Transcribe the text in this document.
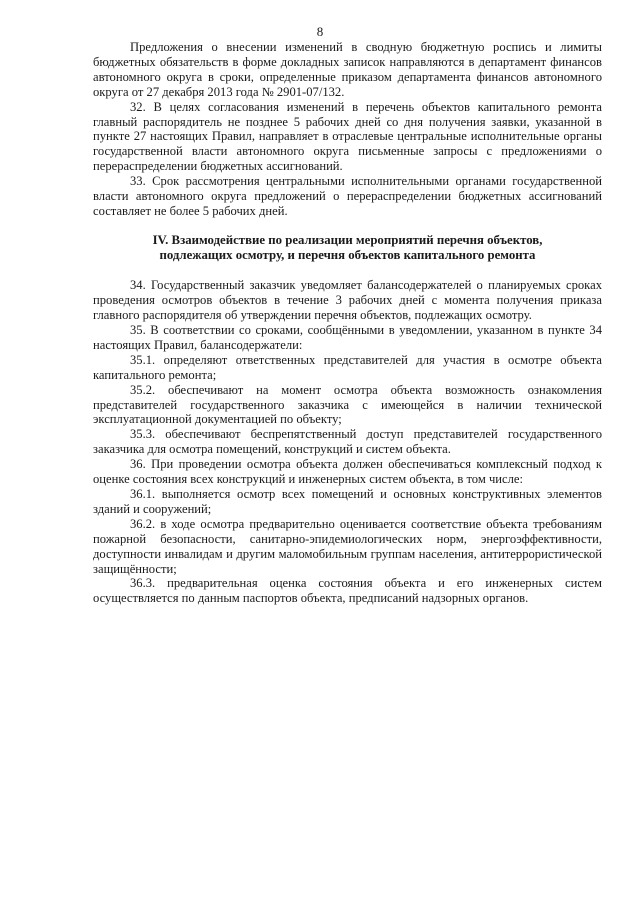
8

Предложения о внесении изменений в сводную бюджетную роспись и лимиты бюджетных обязательств в форме докладных записок направляются в департамент финансов автономного округа в сроки, определенные приказом департамента финансов автономного округа от 27 декабря 2013 года № 2901-07/132.

32. В целях согласования изменений в перечень объектов капитального ремонта главный распорядитель не позднее 5 рабочих дней со дня получения заявки, указанной в пункте 27 настоящих Правил, направляет в отраслевые центральные исполнительные органы государственной власти автономного округа письменные запросы с предложениями о перераспределении бюджетных ассигнований.

33. Срок рассмотрения центральными исполнительными органами государственной власти автономного округа предложений о перераспределении бюджетных ассигнований составляет не более 5 рабочих дней.

IV. Взаимодействие по реализации мероприятий перечня объектов,
подлежащих осмотру, и перечня объектов капитального ремонта

34. Государственный заказчик уведомляет балансодержателей о планируемых сроках проведения осмотров объектов в течение 3 рабочих дней с момента получения приказа главного распорядителя об утверждении перечня объектов, подлежащих осмотру.

35. В соответствии со сроками, сообщёнными в уведомлении, указанном в пункте 34 настоящих Правил, балансодержатели:

35.1. определяют ответственных представителей для участия в осмотре объекта капитального ремонта;

35.2. обеспечивают на момент осмотра объекта возможность ознакомления представителей государственного заказчика с имеющейся в наличии технической эксплуатационной документацией по объекту;

35.3. обеспечивают беспрепятственный доступ представителей государственного заказчика для осмотра помещений, конструкций и систем объекта.

36. При проведении осмотра объекта должен обеспечиваться комплексный подход к оценке состояния всех конструкций и инженерных систем объекта, в том числе:

36.1. выполняется осмотр всех помещений и основных конструктивных элементов зданий и сооружений;

36.2. в ходе осмотра предварительно оценивается соответствие объекта требованиям пожарной безопасности, санитарно-эпидемиологических норм, энергоэффективности, доступности инвалидам и другим маломобильным группам населения, антитеррористической защищённости;

36.3. предварительная оценка состояния объекта и его инженерных систем осуществляется по данным паспортов объекта, предписаний надзорных органов.
